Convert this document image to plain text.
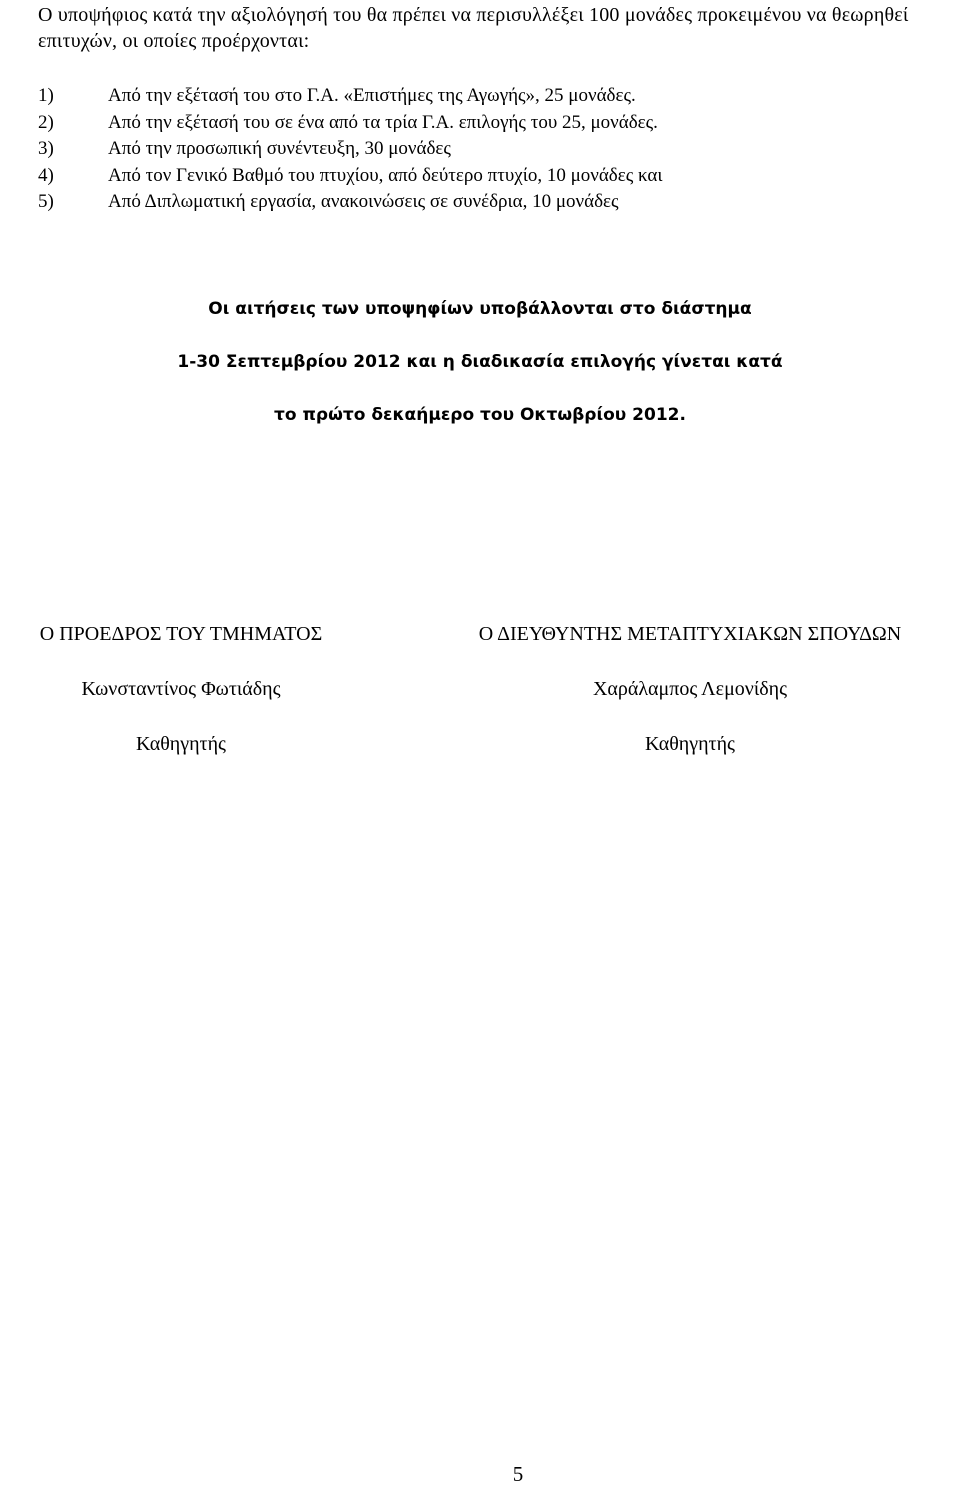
Ο υποψήφιος κατά την αξιολόγησή του θα πρέπει να περισυλλέξει 100 μονάδες προκειμένου να θεωρηθεί επιτυχών, οι οποίες προέρχονται:
1)	Από την εξέτασή του στο Γ.Α. «Επιστήμες της Αγωγής», 25 μονάδες.
2)	Από την εξέτασή του σε ένα από τα τρία Γ.Α. επιλογής του 25, μονάδες.
3)	Από την προσωπική συνέντευξη, 30 μονάδες
4)	Από τον Γενικό Βαθμό του πτυχίου, από δεύτερο πτυχίο, 10 μονάδες και
5)	Από Διπλωματική εργασία, ανακοινώσεις σε συνέδρια, 10 μονάδες
Οι αιτήσεις των υποψηφίων υποβάλλονται στο διάστημα
1-30 Σεπτεμβρίου 2012 και η διαδικασία επιλογής γίνεται κατά
το πρώτο δεκαήμερο του Οκτωβρίου 2012.
Ο ΠΡΟΕΔΡΟΣ ΤΟΥ ΤΜΗΜΑΤΟΣ
Κωνσταντίνος Φωτιάδης
Καθηγητής
Ο ΔΙΕΥΘΥΝΤΗΣ ΜΕΤΑΠΤΥΧΙΑΚΩΝ ΣΠΟΥΔΩΝ
Χαράλαμπος Λεμονίδης
Καθηγητής
5
